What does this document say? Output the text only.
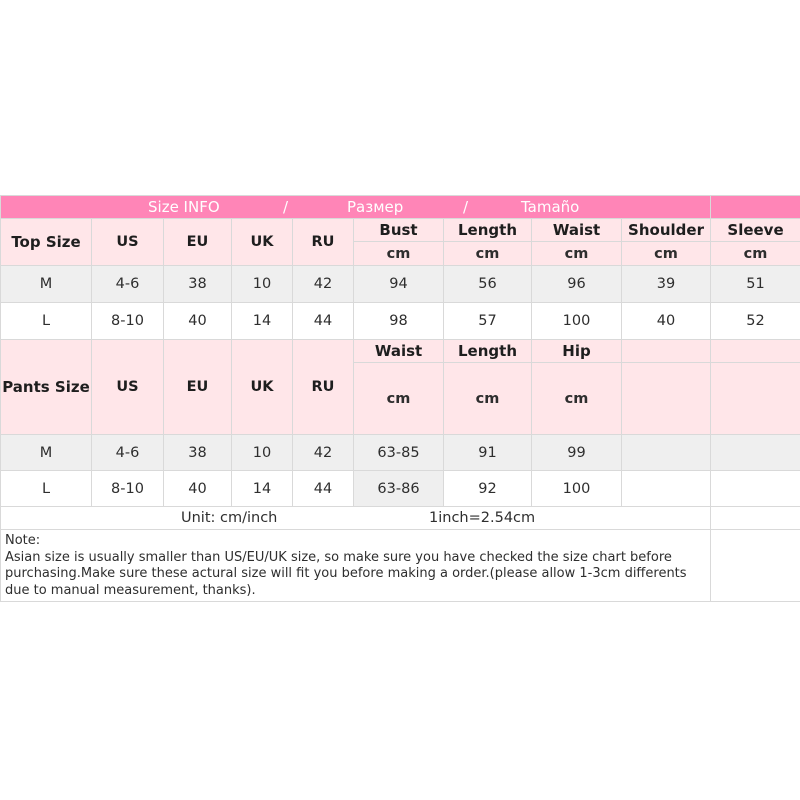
Size INFO / Размер / Tamaño									

Top Size	US	EU	UK	RU	Bust	Length	Waist	Shoulder	Sleeve
					cm	cm	cm	cm	cm
M	4-6	38	10	42	94	56	96	39	51
L	8-10	40	14	44	98	57	100	40	52
Pants Size	US	EU	UK	RU	Waist	Length	Hip		
					cm	cm	cm		
M	4-6	38	10	42	63-85	91	99		
L	8-10	40	14	44	63-86	92	100		

Unit: cm/inch 1inch=2.54cm									

Note:
Asian size is usually smaller than US/EU/UK size, so make sure you have checked the size chart before purchasing.Make sure these actural size will fit you before making a order.(please allow 1-3cm differents due to manual measurement, thanks).									
